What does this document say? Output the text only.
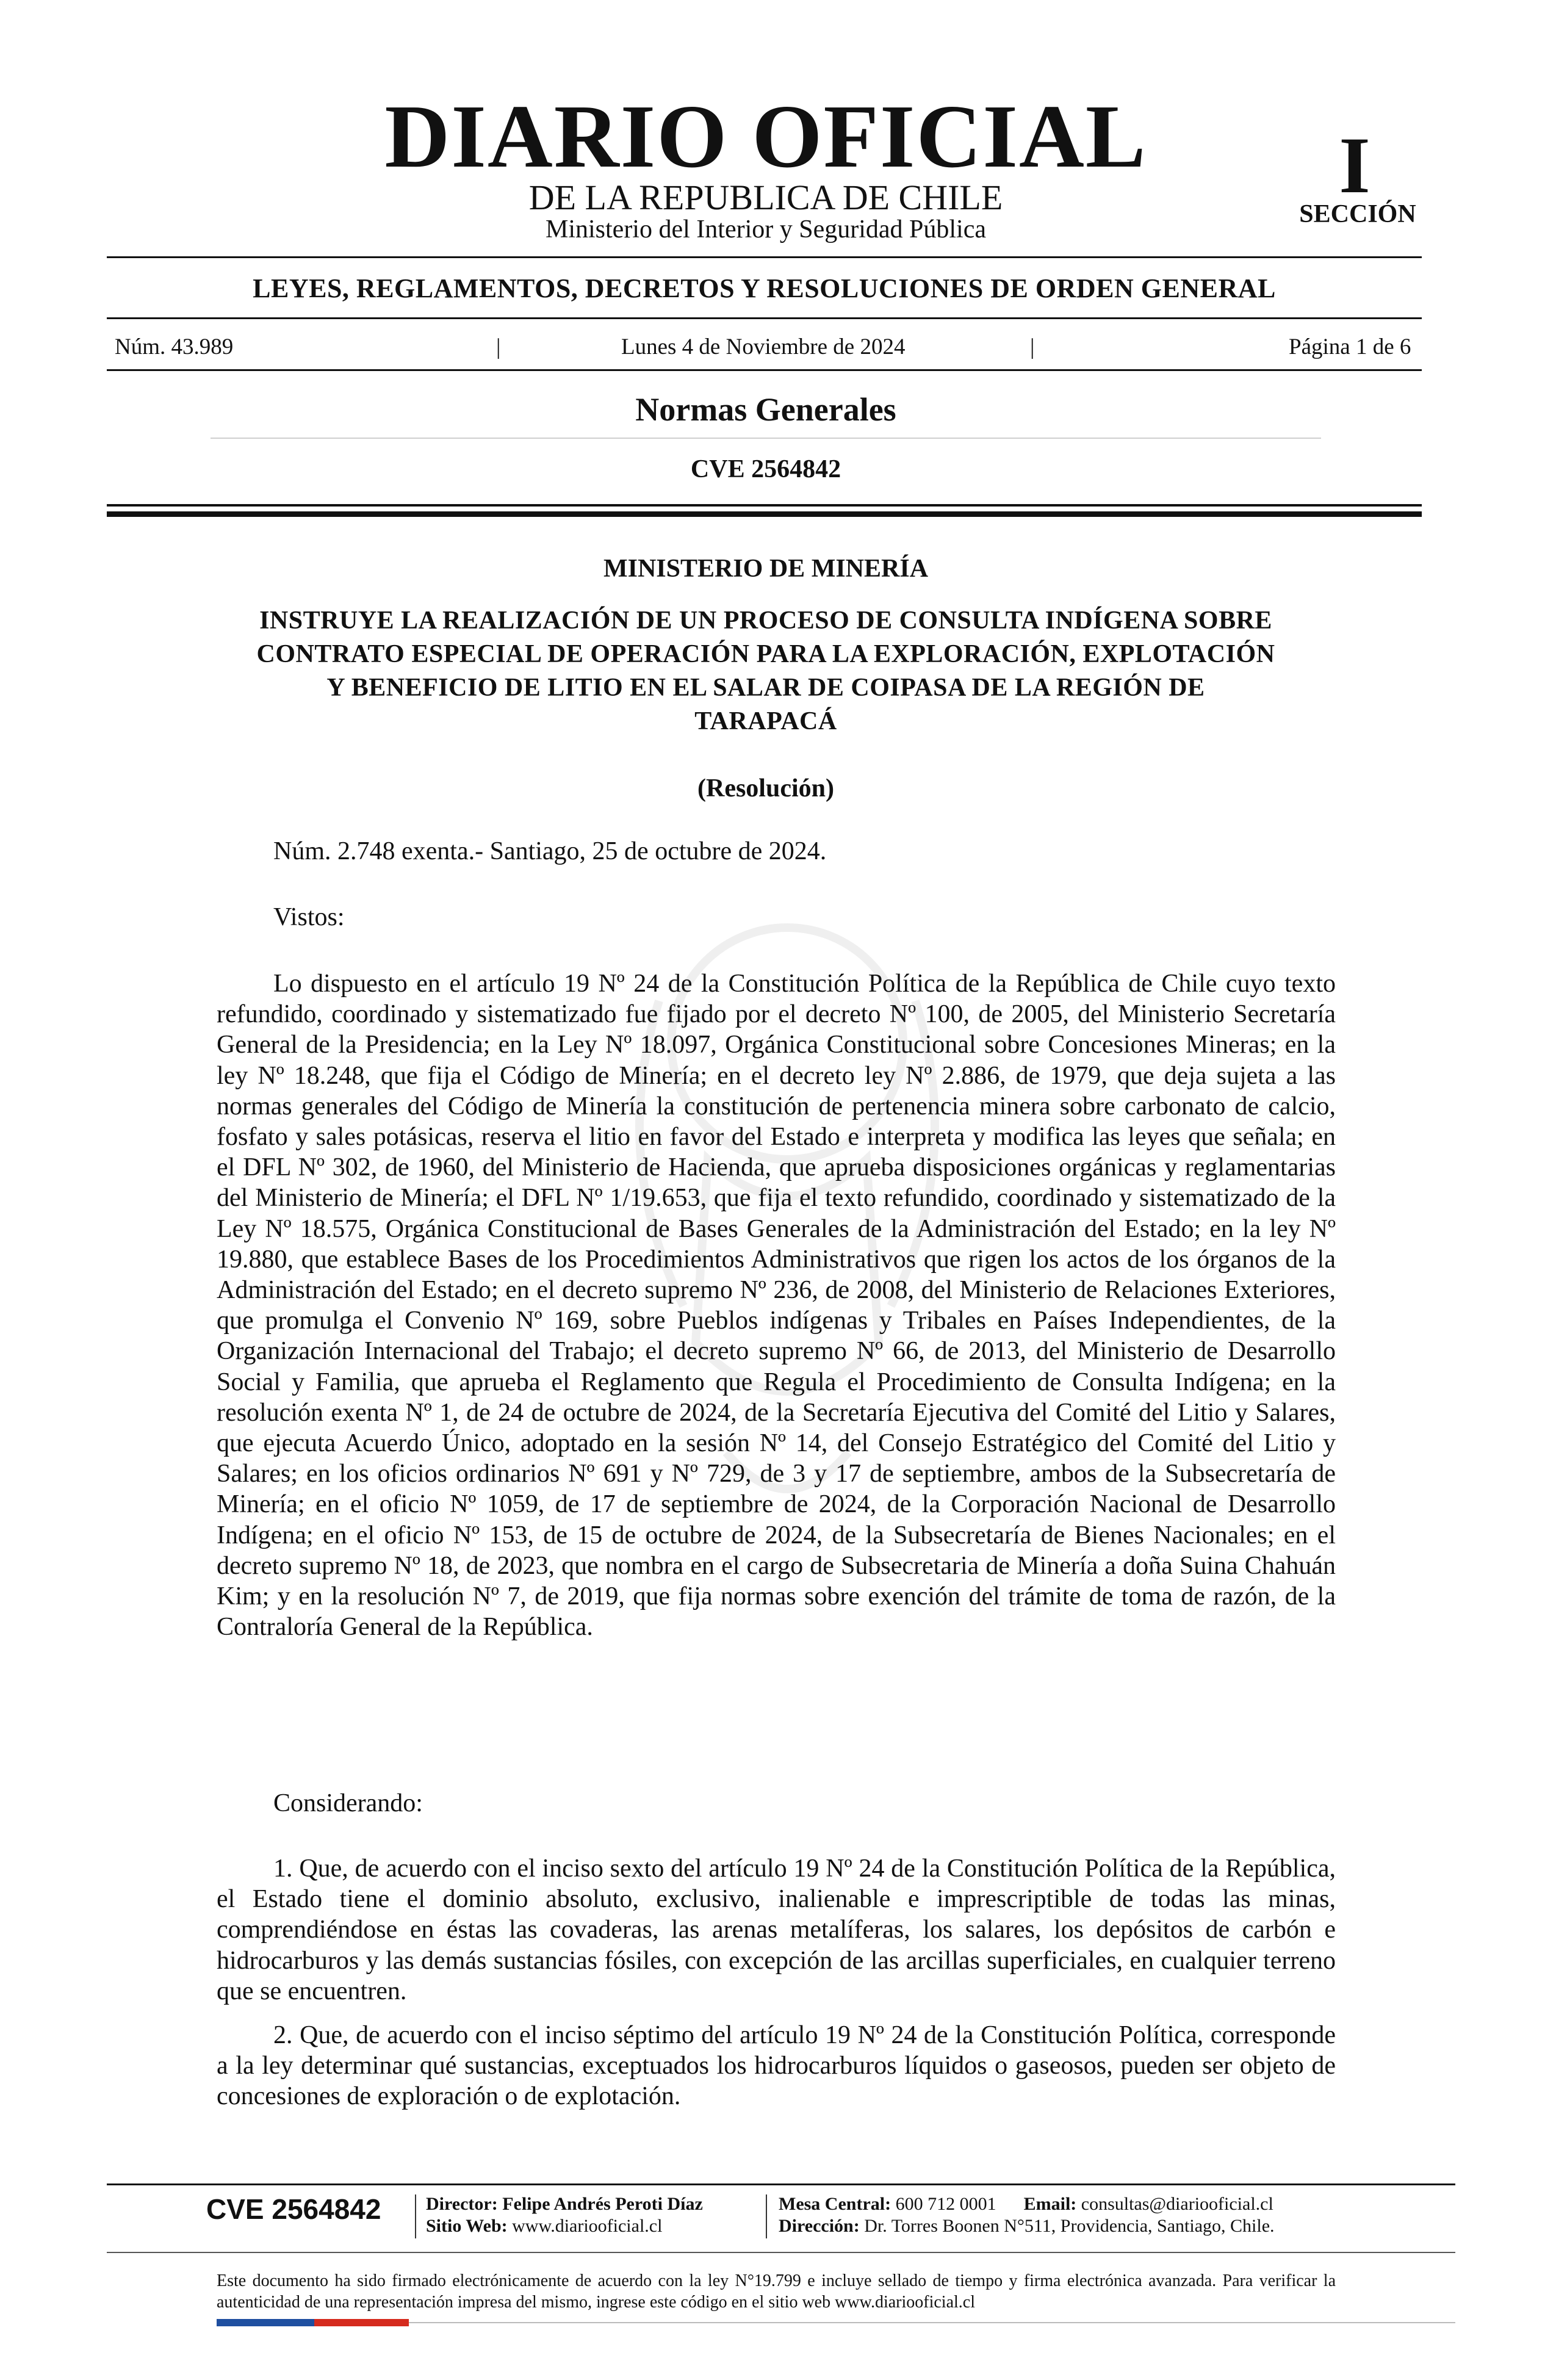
DIARIO OFICIAL
DE LA REPUBLICA DE CHILE
Ministerio del Interior y Seguridad Pública
I
SECCIÓN
LEYES, REGLAMENTOS, DECRETOS Y RESOLUCIONES DE ORDEN GENERAL
Núm. 43.989	|	Lunes 4 de Noviembre de 2024	|	Página 1 de 6
Normas Generales
CVE 2564842
MINISTERIO DE MINERÍA
INSTRUYE LA REALIZACIÓN DE UN PROCESO DE CONSULTA INDÍGENA SOBRE CONTRATO ESPECIAL DE OPERACIÓN PARA LA EXPLORACIÓN, EXPLOTACIÓN Y BENEFICIO DE LITIO EN EL SALAR DE COIPASA DE LA REGIÓN DE TARAPACÁ
(Resolución)
Núm. 2.748 exenta.- Santiago, 25 de octubre de 2024.
Vistos:
Lo dispuesto en el artículo 19 Nº 24 de la Constitución Política de la República de Chile cuyo texto refundido, coordinado y sistematizado fue fijado por el decreto Nº 100, de 2005, del Ministerio Secretaría General de la Presidencia; en la Ley Nº 18.097, Orgánica Constitucional sobre Concesiones Mineras; en la ley Nº 18.248, que fija el Código de Minería; en el decreto ley Nº 2.886, de 1979, que deja sujeta a las normas generales del Código de Minería la constitución de pertenencia minera sobre carbonato de calcio, fosfato y sales potásicas, reserva el litio en favor del Estado e interpreta y modifica las leyes que señala; en el DFL Nº 302, de 1960, del Ministerio de Hacienda, que aprueba disposiciones orgánicas y reglamentarias del Ministerio de Minería; el DFL Nº 1/19.653, que fija el texto refundido, coordinado y sistematizado de la Ley Nº 18.575, Orgánica Constitucional de Bases Generales de la Administración del Estado; en la ley Nº 19.880, que establece Bases de los Procedimientos Administrativos que rigen los actos de los órganos de la Administración del Estado; en el decreto supremo Nº 236, de 2008, del Ministerio de Relaciones Exteriores, que promulga el Convenio Nº 169, sobre Pueblos indígenas y Tribales en Países Independientes, de la Organización Internacional del Trabajo; el decreto supremo Nº 66, de 2013, del Ministerio de Desarrollo Social y Familia, que aprueba el Reglamento que Regula el Procedimiento de Consulta Indígena; en la resolución exenta Nº 1, de 24 de octubre de 2024, de la Secretaría Ejecutiva del Comité del Litio y Salares, que ejecuta Acuerdo Único, adoptado en la sesión Nº 14, del Consejo Estratégico del Comité del Litio y Salares; en los oficios ordinarios Nº 691 y Nº 729, de 3 y 17 de septiembre, ambos de la Subsecretaría de Minería; en el oficio Nº 1059, de 17 de septiembre de 2024, de la Corporación Nacional de Desarrollo Indígena; en el oficio Nº 153, de 15 de octubre de 2024, de la Subsecretaría de Bienes Nacionales; en el decreto supremo Nº 18, de 2023, que nombra en el cargo de Subsecretaria de Minería a doña Suina Chahuán Kim; y en la resolución Nº 7, de 2019, que fija normas sobre exención del trámite de toma de razón, de la Contraloría General de la República.
Considerando:
1. Que, de acuerdo con el inciso sexto del artículo 19 Nº 24 de la Constitución Política de la República, el Estado tiene el dominio absoluto, exclusivo, inalienable e imprescriptible de todas las minas, comprendiéndose en éstas las covaderas, las arenas metalíferas, los salares, los depósitos de carbón e hidrocarburos y las demás sustancias fósiles, con excepción de las arcillas superficiales, en cualquier terreno que se encuentren.
2. Que, de acuerdo con el inciso séptimo del artículo 19 Nº 24 de la Constitución Política, corresponde a la ley determinar qué sustancias, exceptuados los hidrocarburos líquidos o gaseosos, pueden ser objeto de concesiones de exploración o de explotación.
CVE 2564842	Director: Felipe Andrés Peroti Díaz
Sitio Web: www.diariooficial.cl
Mesa Central: 600 712 0001 Email: consultas@diariooficial.cl
Dirección: Dr. Torres Boonen N°511, Providencia, Santiago, Chile.
Este documento ha sido firmado electrónicamente de acuerdo con la ley N°19.799 e incluye sellado de tiempo y firma electrónica avanzada. Para verificar la autenticidad de una representación impresa del mismo, ingrese este código en el sitio web www.diariooficial.cl
